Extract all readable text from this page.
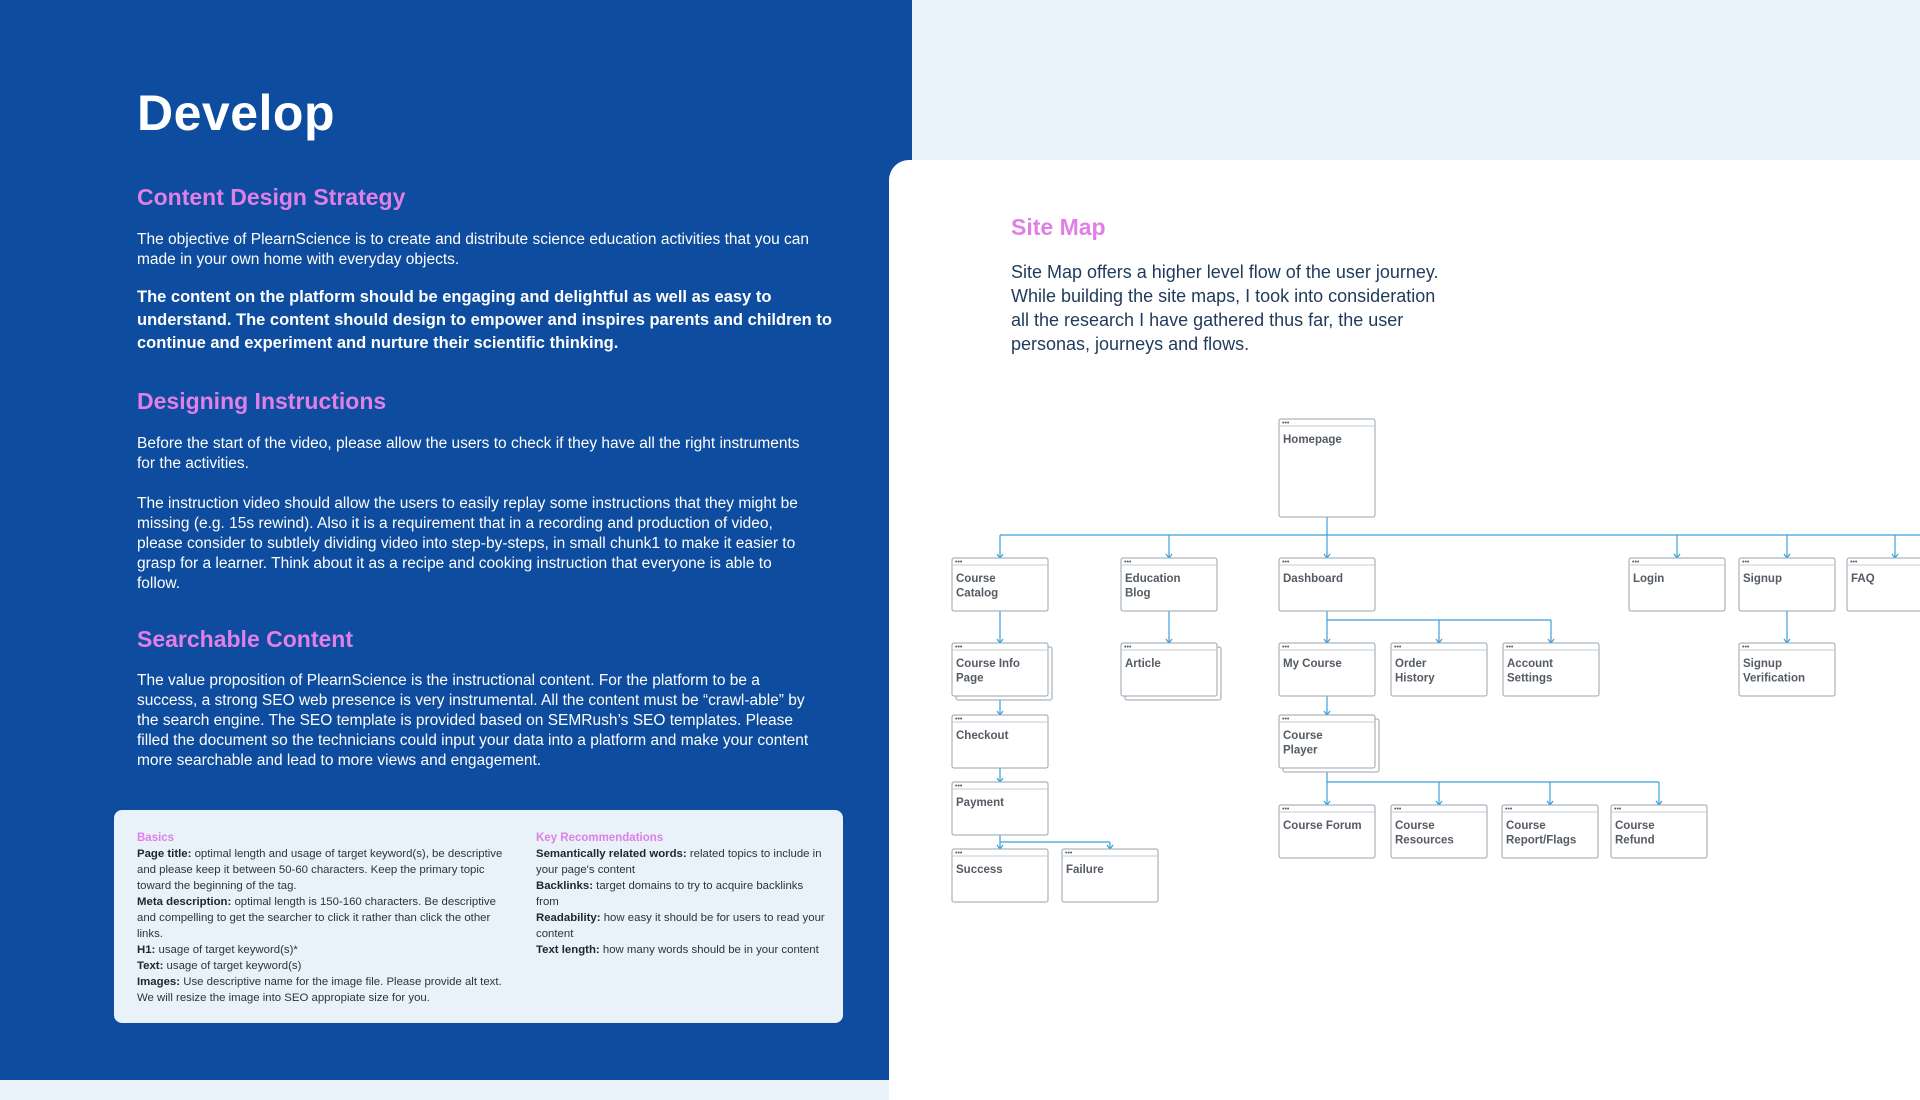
Develop
Content Design Strategy

The objective of PlearnScience is to create and distribute science education activities that you can made in your own home with everyday objects.

The content on the platform should be engaging and delightful as well as easy to understand. The content should design to empower and inspires parents and children to continue and experiment and nurture their scientific thinking.

Designing Instructions

Before the start of the video, please allow the users to check if they have all the right instruments for the activities.

The instruction video should allow the users to easily replay some instructions that they might be missing (e.g. 15s rewind). Also it is a requirement that in a recording and production of video, please consider to subtlely dividing video into step-by-steps, in small chunk1 to make it easier to grasp for a learner. Think about it as a recipe and cooking instruction that everyone is able to follow.

Searchable Content

The value proposition of PlearnScience is the instructional content. For the platform to be a success, a strong SEO web presence is very instrumental. All the content must be “crawl-able” by the search engine. The SEO template is provided based on SEMRush’s SEO templates. Please filled the document so the technicians could input your data into a platform and make your content more searchable and lead to more views and engagement.

Basics

Page title: optimal length and usage of target keyword(s), be descriptive and please keep it between 50-60 characters. Keep the primary topic toward the beginning of the tag.

Meta description: optimal length is 150-160 characters. Be descriptive and compelling to get the searcher to click it rather than click the other links.

H1: usage of target keyword(s)*

Text: usage of target keyword(s)

Images: Use descriptive name for the image file. Please provide alt text. We will resize the image into SEO appropiate size for you.

Key Recommendations

Semantically related words: related topics to include in your page's content

Backlinks: target domains to try to acquire backlinks from

Readability: how easy it should be for users to read your content

Text length: how many words should be in your content

Site Map

Site Map offers a higher level flow of the user journey. While building the site maps, I took into consideration all the research I have gathered thus far, the user personas, journeys and flows.

•••
Homepage
•••
Course
Catalog
•••
Education
Blog
•••
Dashboard
•••
Login
•••
Signup
•••
FAQ
•••
Course Info
Page
•••
Article
•••
My Course
•••
Order
History
•••
Account
Settings
•••
Signup
Verification
•••
Checkout
•••
Course
Player
•••
Payment
•••
Course Forum
•••
Course
Resources
•••
Course
Report/Flags
•••
Course
Refund
•••
Success
•••
Failure
